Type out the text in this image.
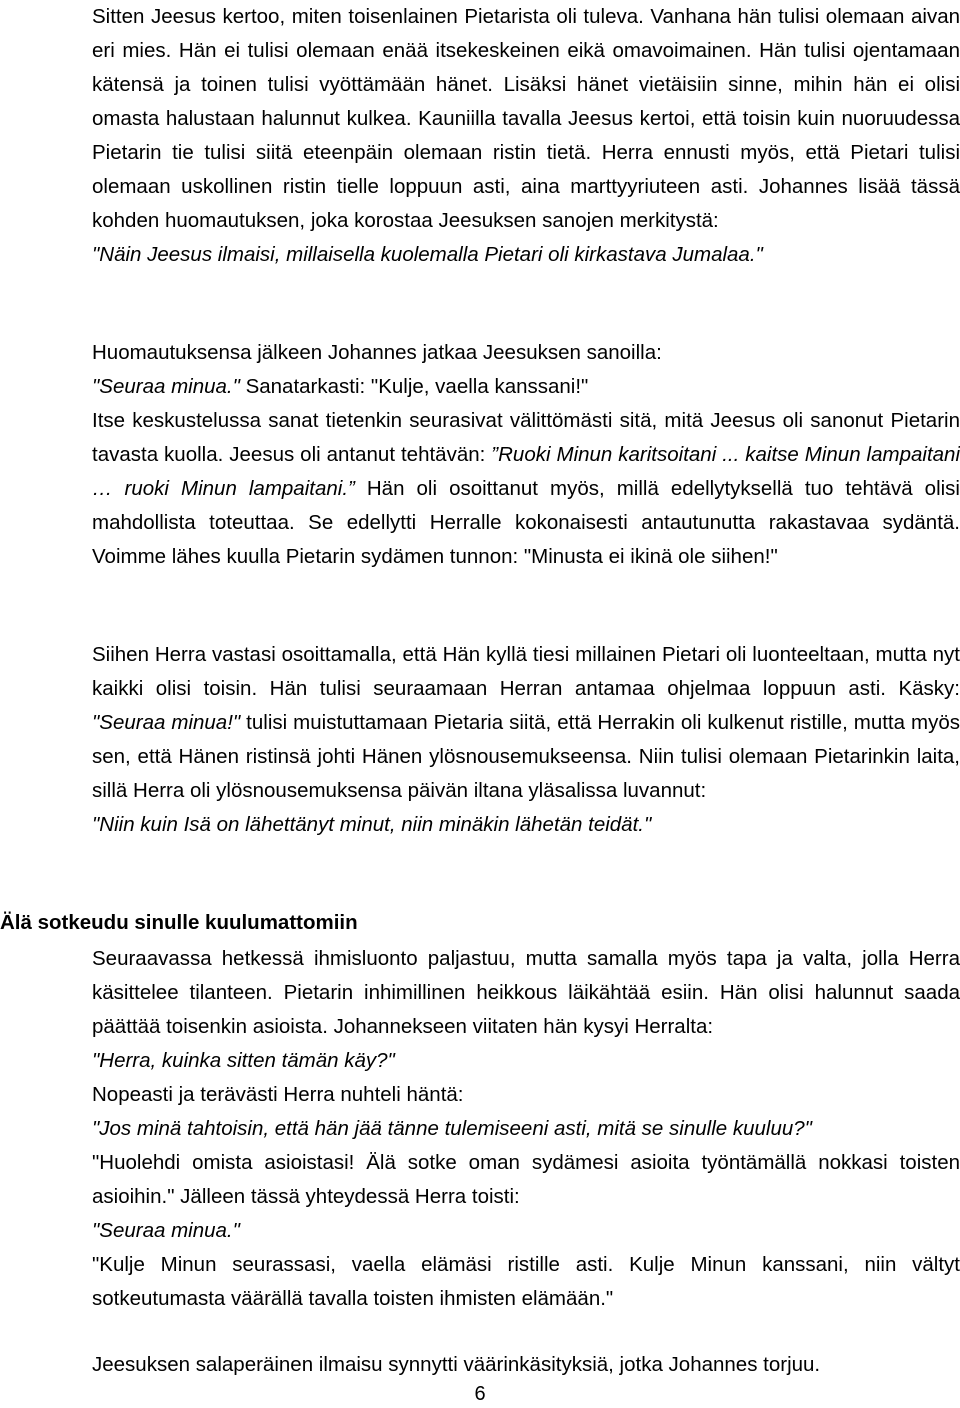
Sitten Jeesus kertoo, miten toisenlainen Pietarista oli tuleva. Vanhana hän tulisi olemaan aivan eri mies. Hän ei tulisi olemaan enää itsekeskeinen eikä omavoimainen. Hän tulisi ojentamaan kätensä ja toinen tulisi vyöttämään hänet. Lisäksi hänet vietäisiin sinne, mihin hän ei olisi omasta halustaan halunnut kulkea. Kauniilla tavalla Jeesus kertoi, että toisin kuin nuoruudessa Pietarin tie tulisi siitä eteenpäin olemaan ristin tietä. Herra ennusti myös, että Pietari tulisi olemaan uskollinen ristin tielle loppuun asti, aina marttyyriuteen asti. Johannes lisää tässä kohden huomautuksen, joka korostaa Jeesuksen sanojen merkitystä:

"Näin Jeesus ilmaisi, millaisella kuolemalla Pietari oli kirkastava Jumalaa."

Huomautuksensa jälkeen Johannes jatkaa Jeesuksen sanoilla:

"Seuraa minua." Sanatarkasti: "Kulje, vaella kanssani!"

Itse keskustelussa sanat tietenkin seurasivat välittömästi sitä, mitä Jeesus oli sanonut Pietarin tavasta kuolla. Jeesus oli antanut tehtävän: ”Ruoki Minun karitsoitani ... kaitse Minun lampaitani … ruoki Minun lampaitani.” Hän oli osoittanut myös, millä edellytyksellä tuo tehtävä olisi mahdollista toteuttaa. Se edellytti Herralle kokonaisesti antautunutta rakastavaa sydäntä. Voimme lähes kuulla Pietarin sydämen tunnon: "Minusta ei ikinä ole siihen!"

Siihen Herra vastasi osoittamalla, että Hän kyllä tiesi millainen Pietari oli luonteeltaan, mutta nyt kaikki olisi toisin. Hän tulisi seuraamaan Herran antamaa ohjelmaa loppuun asti. Käsky: "Seuraa minua!" tulisi muistuttamaan Pietaria siitä, että Herrakin oli kulkenut ristille, mutta myös sen, että Hänen ristinsä johti Hänen ylösnousemukseensa. Niin tulisi olemaan Pietarinkin laita, sillä Herra oli ylösnousemuksensa päivän iltana yläsalissa luvannut:

"Niin kuin Isä on lähettänyt minut, niin minäkin lähetän teidät."

Älä sotkeudu sinulle kuulumattomiin

Seuraavassa hetkessä ihmisluonto paljastuu, mutta samalla myös tapa ja valta, jolla Herra käsittelee tilanteen. Pietarin inhimillinen heikkous läikähtää esiin. Hän olisi halunnut saada päättää toisenkin asioista. Johannekseen viitaten hän kysyi Herralta:

"Herra, kuinka sitten tämän käy?"

Nopeasti ja terävästi Herra nuhteli häntä:

"Jos minä tahtoisin, että hän jää tänne tulemiseeni asti, mitä se sinulle kuuluu?"

"Huolehdi omista asioistasi! Älä sotke oman sydämesi asioita työntämällä nokkasi toisten asioihin." Jälleen tässä yhteydessä Herra toisti:

"Seuraa minua."

"Kulje Minun seurassasi, vaella elämäsi ristille asti. Kulje Minun kanssani, niin vältyt sotkeutumasta väärällä tavalla toisten ihmisten elämään."

Jeesuksen salaperäinen ilmaisu synnytti väärinkäsityksiä, jotka Johannes torjuu.

6
